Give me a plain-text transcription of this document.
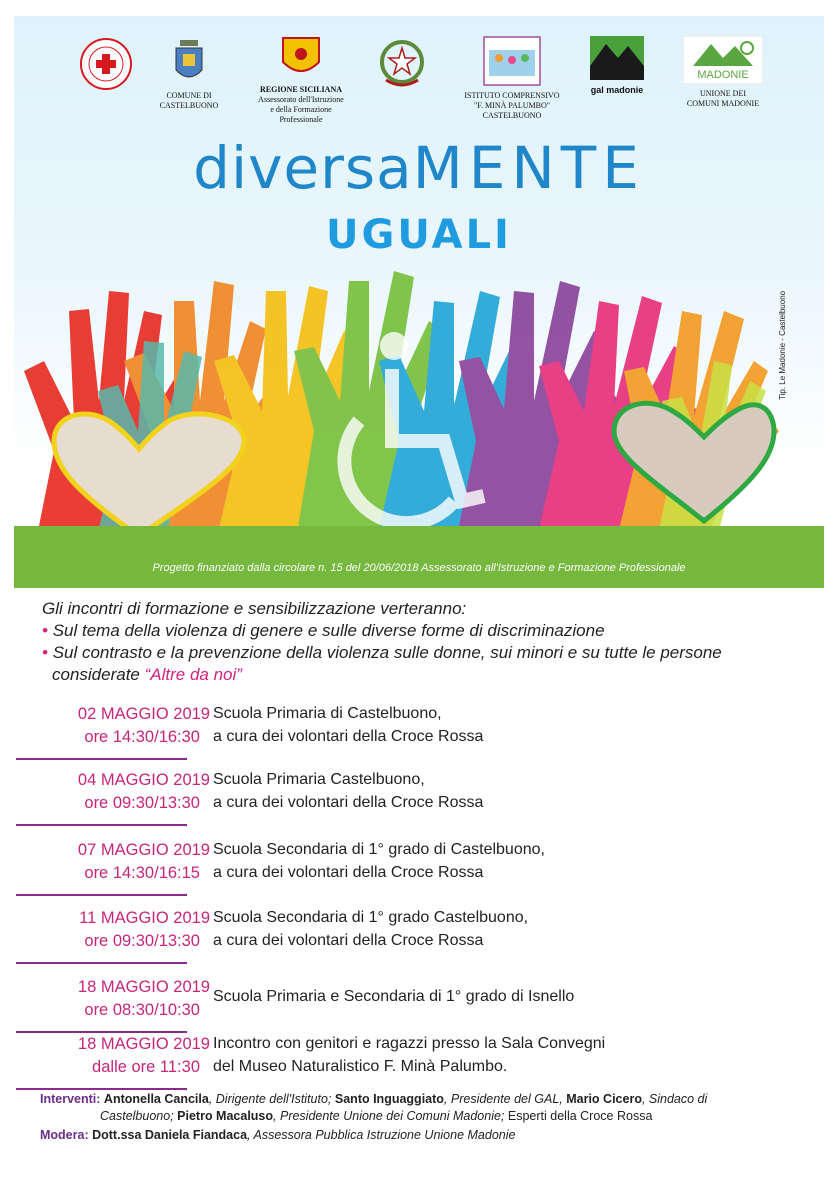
COMUNE DI
CASTELBUONO
REGIONE SICILIANA
Assessorato dell'Istruzione
e della Formazione
Professionale
ISTITUTO COMPRENSIVO
"F. MINÀ PALUMBO"
CASTELBUONO
gal madonie
MADONIE
UNIONE DEI
COMUNI MADONIE
diversaMENTE
UGUALI
Progetto finanziato dalla circolare n. 15 del 20/06/2018 Assessorato all'Istruzione e Formazione Professionale
Tip. Le Madonie - Castelbuono
Gli incontri di formazione e sensibilizzazione verteranno:
• Sul tema della violenza di genere e sulle diverse forme di discriminazione
• Sul contrasto e la prevenzione della violenza sulle donne, sui minori e su tutte le persone
considerate “Altre da noi”
02 MAGGIO 2019
ore 14:30/16:30
Scuola Primaria di Castelbuono,
a cura dei volontari della Croce Rossa
04 MAGGIO 2019
ore 09:30/13:30
Scuola Primaria Castelbuono,
a cura dei volontari della Croce Rossa
07 MAGGIO 2019
ore 14:30/16:15
Scuola Secondaria di 1° grado di Castelbuono,
a cura dei volontari della Croce Rossa
11 MAGGIO 2019
ore 09:30/13:30
Scuola Secondaria di 1° grado Castelbuono,
a cura dei volontari della Croce Rossa
18 MAGGIO 2019
ore 08:30/10:30
Scuola Primaria e Secondaria di 1° grado di Isnello
18 MAGGIO 2019
dalle ore 11:30
Incontro con genitori e ragazzi presso la Sala Convegni
del Museo Naturalistico F. Minà Palumbo.
Interventi: Antonella Cancila, Dirigente dell'Istituto; Santo Inguaggiato, Presidente del GAL, Mario Cicero, Sindaco di
Castelbuono; Pietro Macaluso, Presidente Unione dei Comuni Madonie; Esperti della Croce Rossa
Modera: Dott.ssa Daniela Fiandaca, Assessora Pubblica Istruzione Unione Madonie
